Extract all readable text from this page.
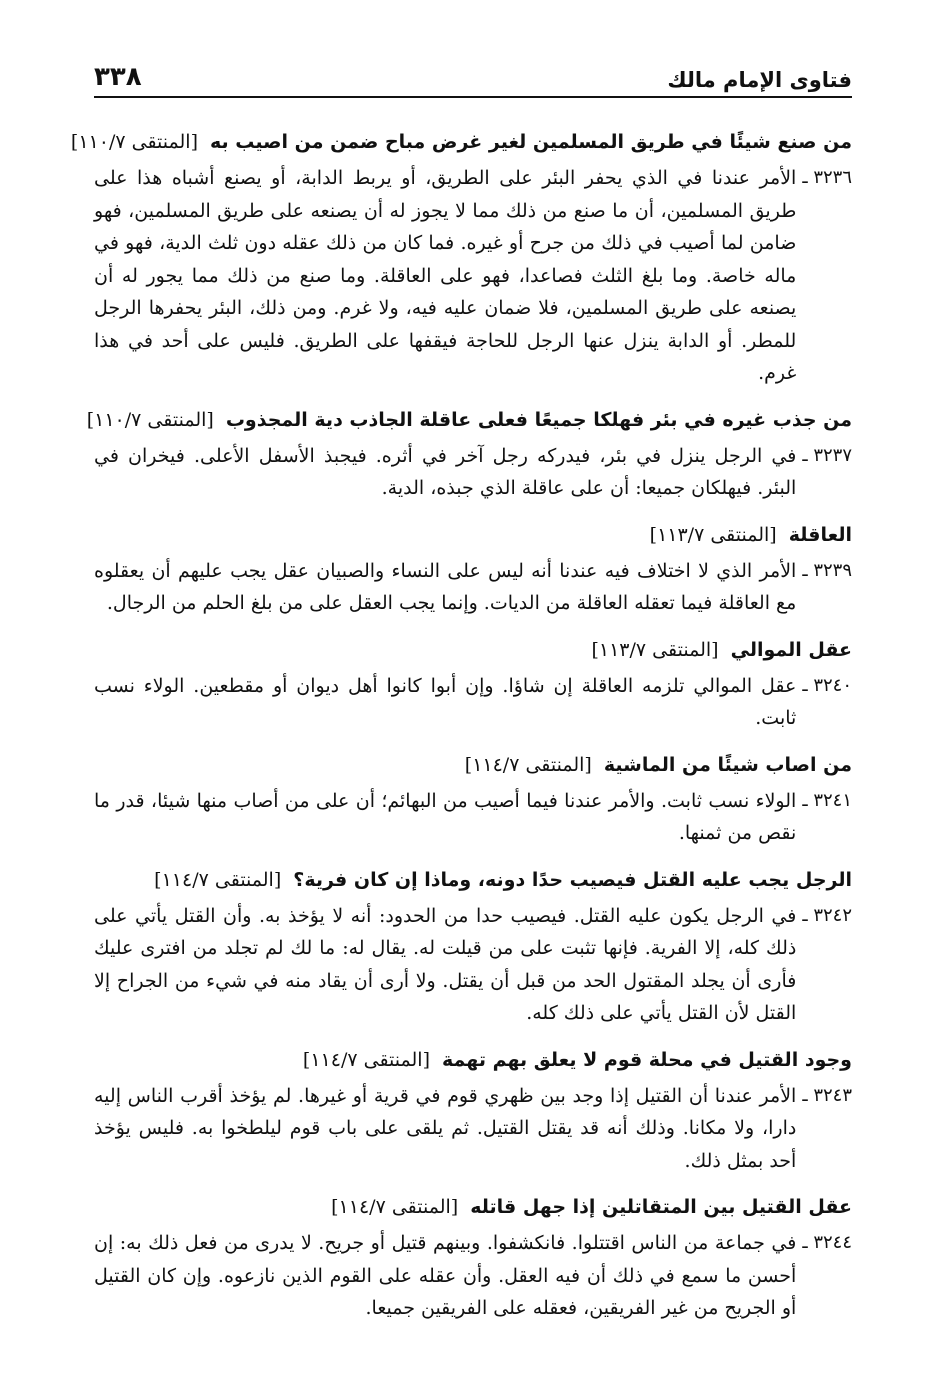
فتاوى الإمام مالك
٣٣٨
من صنع شيئًا في طريق المسلمين لغير غرض مباح ضمن من اصيب به [المنتقى ١١٠/٧]
٣٢٣٦ ـ
الأمر عندنا في الذي يحفر البئر على الطريق، أو يربط الدابة، أو يصنع أشباه هذا على طريق المسلمين، أن ما صنع من ذلك مما لا يجوز له أن يصنعه على طريق المسلمين، فهو ضامن لما أصيب في ذلك من جرح أو غيره. فما كان من ذلك عقله دون ثلث الدية، فهو في ماله خاصة. وما بلغ الثلث فصاعدا، فهو على العاقلة. وما صنع من ذلك مما يجور له أن يصنعه على طريق المسلمين، فلا ضمان عليه فيه، ولا غرم. ومن ذلك، البئر يحفرها الرجل للمطر. أو الدابة ينزل عنها الرجل للحاجة فيقفها على الطريق. فليس على أحد في هذا غرم.
من جذب غيره في بئر فهلكا جميعًا فعلى عاقلة الجاذب دية المجذوب [المنتقى ١١٠/٧]
٣٢٣٧ ـ
في الرجل ينزل في بئر، فيدركه رجل آخر في أثره. فيجبذ الأسفل الأعلى. فيخران في البئر. فيهلكان جميعا: أن على عاقلة الذي جبذه، الدية.
العاقلة [المنتقى ١١٣/٧]
٣٢٣٩ ـ
الأمر الذي لا اختلاف فيه عندنا أنه ليس على النساء والصبيان عقل يجب عليهم أن يعقلوه مع العاقلة فيما تعقله العاقلة من الديات. وإنما يجب العقل على من بلغ الحلم من الرجال.
عقل الموالي [المنتقى ١١٣/٧]
٣٢٤٠ ـ
عقل الموالي تلزمه العاقلة إن شاؤا. وإن أبوا كانوا أهل ديوان أو مقطعين. الولاء نسب ثابت.
من اصاب شيئًا من الماشية [المنتقى ١١٤/٧]
٣٢٤١ ـ
الولاء نسب ثابت. والأمر عندنا فيما أصيب من البهائم؛ أن على من أصاب منها شيئا، قدر ما نقص من ثمنها.
الرجل يجب عليه القتل فيصيب حدًا دونه، وماذا إن كان فرية؟ [المنتقى ١١٤/٧]
٣٢٤٢ ـ
في الرجل يكون عليه القتل. فيصيب حدا من الحدود: أنه لا يؤخذ به. وأن القتل يأتي على ذلك كله، إلا الفرية. فإنها تثبت على من قيلت له. يقال له: ما لك لم تجلد من افترى عليك فأرى أن يجلد المقتول الحد من قبل أن يقتل. ولا أرى أن يقاد منه في شيء من الجراح إلا القتل لأن القتل يأتي على ذلك كله.
وجود القتيل في محلة قوم لا يعلق بهم تهمة [المنتقى ١١٤/٧]
٣٢٤٣ ـ
الأمر عندنا أن القتيل إذا وجد بين ظهري قوم في قرية أو غيرها. لم يؤخذ أقرب الناس إليه دارا، ولا مكانا. وذلك أنه قد يقتل القتيل. ثم يلقى على باب قوم ليلطخوا به. فليس يؤخذ أحد بمثل ذلك.
عقل القتيل بين المتقاتلين إذا جهل قاتله [المنتقى ١١٤/٧]
٣٢٤٤ ـ
في جماعة من الناس اقتتلوا. فانكشفوا. وبينهم قتيل أو جريح. لا يدرى من فعل ذلك به: إن أحسن ما سمع في ذلك أن فيه العقل. وأن عقله على القوم الذين نازعوه. وإن كان القتيل أو الجريح من غير الفريقين، فعقله على الفريقين جميعا.
